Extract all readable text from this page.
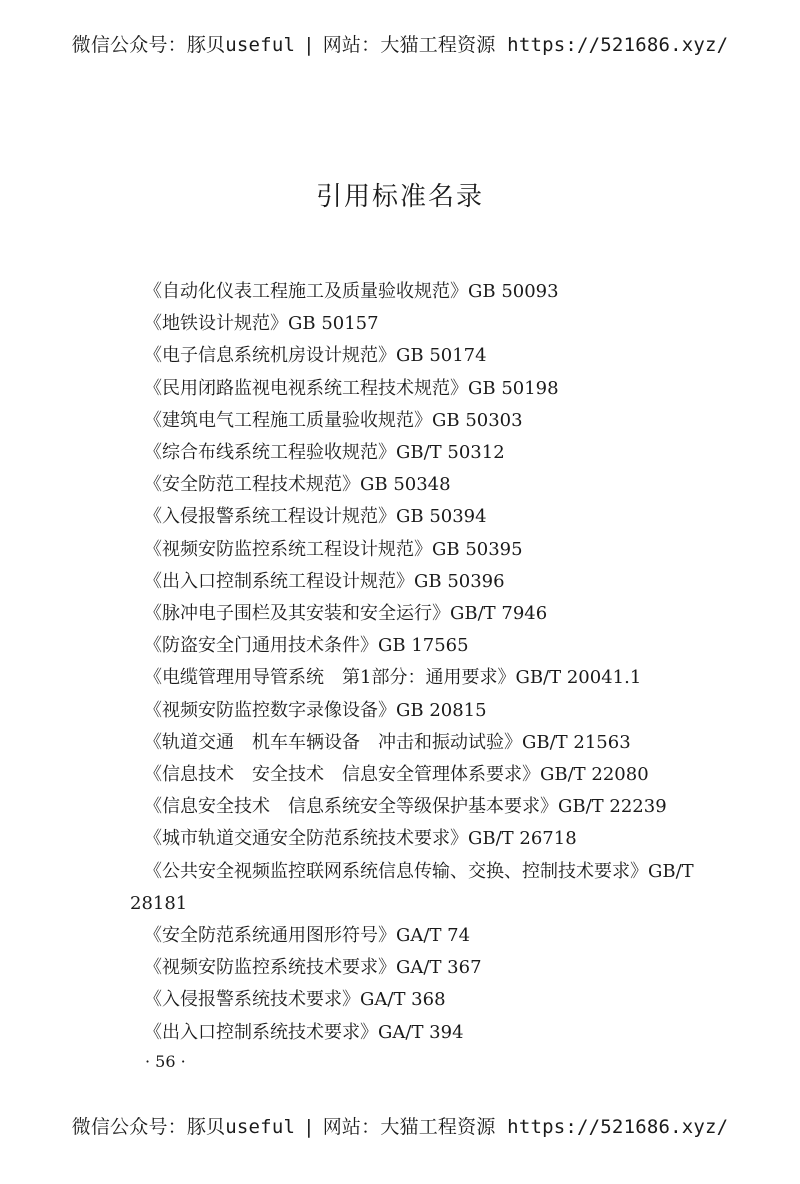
微信公众号：豚贝useful | 网站：大猫工程资源 https://521686.xyz/
引用标准名录
《自动化仪表工程施工及质量验收规范》GB 50093
《地铁设计规范》GB 50157
《电子信息系统机房设计规范》GB 50174
《民用闭路监视电视系统工程技术规范》GB 50198
《建筑电气工程施工质量验收规范》GB 50303
《综合布线系统工程验收规范》GB/T 50312
《安全防范工程技术规范》GB 50348
《入侵报警系统工程设计规范》GB 50394
《视频安防监控系统工程设计规范》GB 50395
《出入口控制系统工程设计规范》GB 50396
《脉冲电子围栏及其安装和安全运行》GB/T 7946
《防盗安全门通用技术条件》GB 17565
《电缆管理用导管系统　第1部分：通用要求》GB/T 20041.1
《视频安防监控数字录像设备》GB 20815
《轨道交通　机车车辆设备　冲击和振动试验》GB/T 21563
《信息技术　安全技术　信息安全管理体系要求》GB/T 22080
《信息安全技术　信息系统安全等级保护基本要求》GB/T 22239
《城市轨道交通安全防范系统技术要求》GB/T 26718
《公共安全视频监控联网系统信息传输、交换、控制技术要求》GB/T 28181
《安全防范系统通用图形符号》GA/T 74
《视频安防监控系统技术要求》GA/T 367
《入侵报警系统技术要求》GA/T 368
《出入口控制系统技术要求》GA/T 394
· 56 ·
微信公众号：豚贝useful | 网站：大猫工程资源 https://521686.xyz/
